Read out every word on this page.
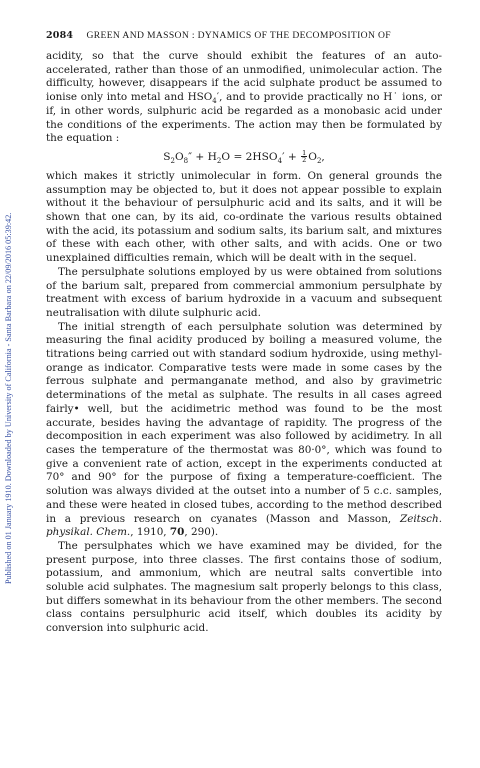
Published on 01 January 1910. Downloaded by University of California - Santa Barbara on 22/09/2016 05:39:42.
2084 GREEN AND MASSON : DYNAMICS OF THE DECOMPOSITION OF

acidity, so that the curve should exhibit the features of an auto-accelerated, rather than those of an unmodified, unimolecular action. The difficulty, however, disappears if the acid sulphate product be assumed to ionise only into metal and $HSO_4'$, and to provide practically no H˙ ions, or if, in other words, sulphuric acid be regarded as a monobasic acid under the conditions of the experiments. The action may then be formulated by the equation :

$S_2O_8'' + H_2O = 2HSO_4' + \frac{1}{2} O_2$,

which makes it strictly unimolecular in form. On general grounds the assumption may be objected to, but it does not appear possible to explain without it the behaviour of persulphuric acid and its salts, and it will be shown that one can, by its aid, co-ordinate the various results obtained with the acid, its potassium and sodium salts, its barium salt, and mixtures of these with each other, with other salts, and with acids. One or two unexplained difficulties remain, which will be dealt with in the sequel.

The persulphate solutions employed by us were obtained from solutions of the barium salt, prepared from commercial ammonium persulphate by treatment with excess of barium hydroxide in a vacuum and subsequent neutralisation with dilute sulphuric acid.

The initial strength of each persulphate solution was determined by measuring the final acidity produced by boiling a measured volume, the titrations being carried out with standard sodium hydroxide, using methyl-orange as indicator. Comparative tests were made in some cases by the ferrous sulphate and permanganate method, and also by gravimetric determinations of the metal as sulphate. The results in all cases agreed fairly• well, but the acidimetric method was found to be the most accurate, besides having the advantage of rapidity. The progress of the decomposition in each experiment was also followed by acidimetry. In all cases the temperature of the thermostat was 80·0°, which was found to give a convenient rate of action, except in the experiments conducted at 70° and 90° for the purpose of fixing a temperature-coefficient. The solution was always divided at the outset into a number of 5 c.c. samples, and these were heated in closed tubes, according to the method described in a previous research on cyanates (Masson and Masson, Zeitsch. physikal. Chem., 1910, 70, 290).

The persulphates which we have examined may be divided, for the present purpose, into three classes. The first contains those of sodium, potassium, and ammonium, which are neutral salts convertible into soluble acid sulphates. The magnesium salt properly belongs to this class, but differs somewhat in its behaviour from the other members. The second class contains persulphuric acid itself, which doubles its acidity by conversion into sulphuric acid.
